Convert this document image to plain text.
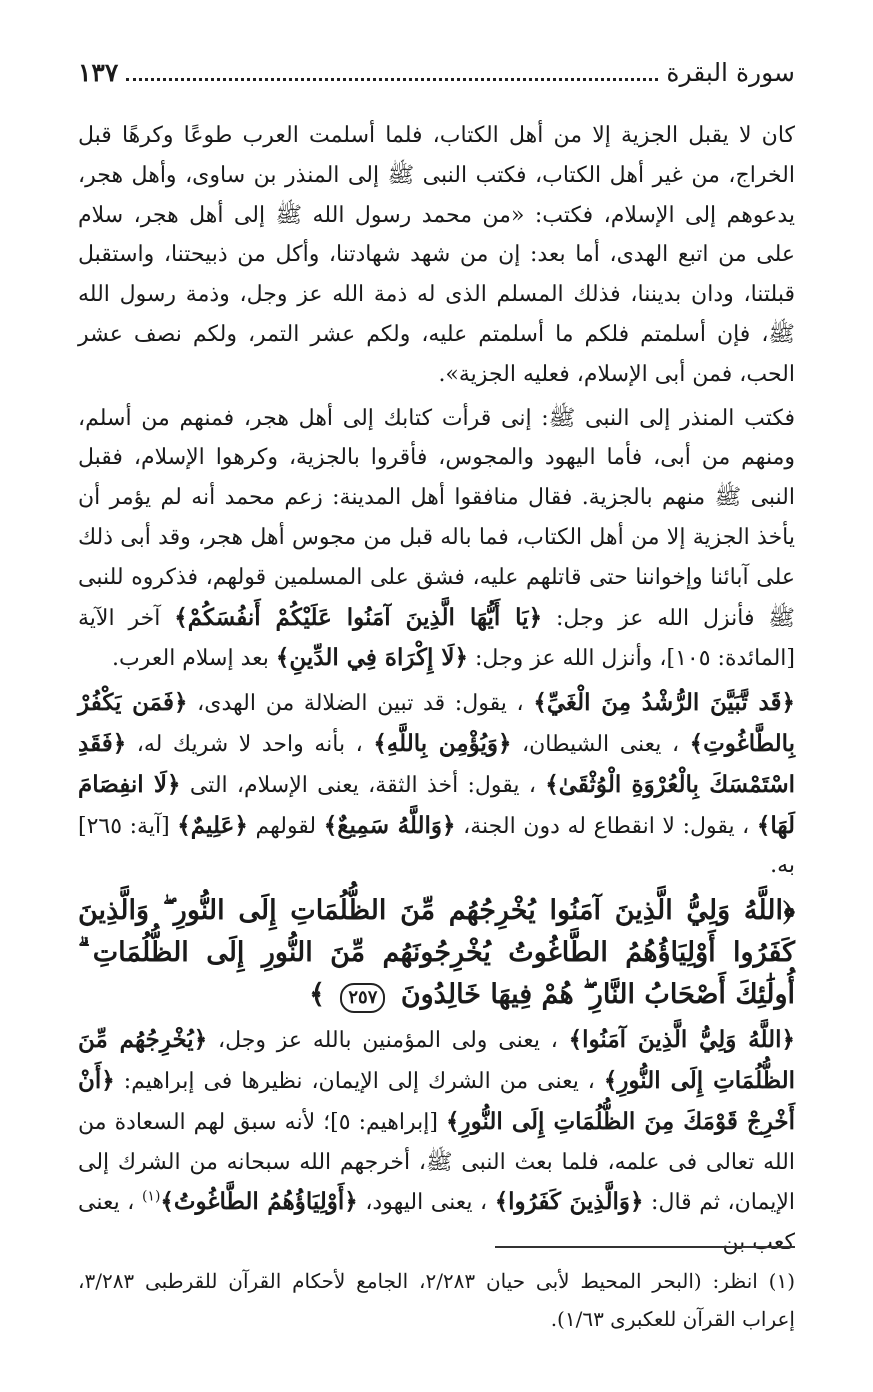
سورة البقرة
١٣٧

كان لا يقبل الجزية إلا من أهل الكتاب، فلما أسلمت العرب طوعًا وكرهًا قبل الخراج، من غير أهل الكتاب، فكتب النبى ﷺ إلى المنذر بن ساوى، وأهل هجر، يدعوهم إلى الإسلام، فكتب: «من محمد رسول الله ﷺ إلى أهل هجر، سلام على من اتبع الهدى، أما بعد: إن من شهد شهادتنا، وأكل من ذبيحتنا، واستقبل قبلتنا، ودان بديننا، فذلك المسلم الذى له ذمة الله عز وجل، وذمة رسول الله ﷺ، فإن أسلمتم فلكم ما أسلمتم عليه، ولكم عشر التمر، ولكم نصف عشر الحب، فمن أبى الإسلام، فعليه الجزية».

فكتب المنذر إلى النبى ﷺ: إنى قرأت كتابك إلى أهل هجر، فمنهم من أسلم، ومنهم من أبى، فأما اليهود والمجوس، فأقروا بالجزية، وكرهوا الإسلام، فقبل النبى ﷺ منهم بالجزية. فقال منافقوا أهل المدينة: زعم محمد أنه لم يؤمر أن يأخذ الجزية إلا من أهل الكتاب، فما باله قبل من مجوس أهل هجر، وقد أبى ذلك على آبائنا وإخواننا حتى قاتلهم عليه، فشق على المسلمين قولهم، فذكروه للنبى ﷺ فأنزل الله عز وجل: ﴿يَا أَيُّهَا الَّذِينَ آمَنُوا عَلَيْكُمْ أَنفُسَكُمْ﴾ آخر الآية [المائدة: ١٠٥]، وأنزل الله عز وجل: ﴿لَا إِكْرَاهَ فِي الدِّينِ﴾ بعد إسلام العرب.

﴿قَد تَّبَيَّنَ الرُّشْدُ مِنَ الْغَيِّ﴾ ، يقول: قد تبين الضلالة من الهدى، ﴿فَمَن يَكْفُرْ بِالطَّاغُوتِ﴾ ، يعنى الشيطان، ﴿وَيُؤْمِن بِاللَّهِ﴾ ، بأنه واحد لا شريك له، ﴿فَقَدِ اسْتَمْسَكَ بِالْعُرْوَةِ الْوُثْقَىٰ﴾ ، يقول: أخذ الثقة، يعنى الإسلام، التى ﴿لَا انفِصَامَ لَهَا﴾ ، يقول: لا انقطاع له دون الجنة، ﴿وَاللَّهُ سَمِيعٌ﴾ لقولهم ﴿عَلِيمٌ﴾ [آية: ٢٦٥] به.

﴿اللَّهُ وَلِيُّ الَّذِينَ آمَنُوا يُخْرِجُهُم مِّنَ الظُّلُمَاتِ إِلَى النُّورِ ۖ وَالَّذِينَ كَفَرُوا أَوْلِيَاؤُهُمُ الطَّاغُوتُ يُخْرِجُونَهُم مِّنَ النُّورِ إِلَى الظُّلُمَاتِ ۗ أُولَٰئِكَ أَصْحَابُ النَّارِ ۖ هُمْ فِيهَا خَالِدُونَ ٢٥٧ ﴾

﴿اللَّهُ وَلِيُّ الَّذِينَ آمَنُوا﴾ ، يعنى ولى المؤمنين بالله عز وجل، ﴿يُخْرِجُهُم مِّنَ الظُّلُمَاتِ إِلَى النُّورِ﴾ ، يعنى من الشرك إلى الإيمان، نظيرها فى إبراهيم: ﴿أَنْ أَخْرِجْ قَوْمَكَ مِنَ الظُّلُمَاتِ إِلَى النُّورِ﴾ [إبراهيم: ٥]؛ لأنه سبق لهم السعادة من الله تعالى فى علمه، فلما بعث النبى ﷺ، أخرجهم الله سبحانه من الشرك إلى الإيمان، ثم قال: ﴿وَالَّذِينَ كَفَرُوا﴾ ، يعنى اليهود، ﴿أَوْلِيَاؤُهُمُ الطَّاغُوتُ﴾$^{(١)}$ ، يعنى كعب بن

(١) انظر: (البحر المحيط لأبى حيان ٢/٢٨٣، الجامع لأحكام القرآن للقرطبى ٣/٢٨٣، إعراب القرآن للعكبرى ١/٦٣).
